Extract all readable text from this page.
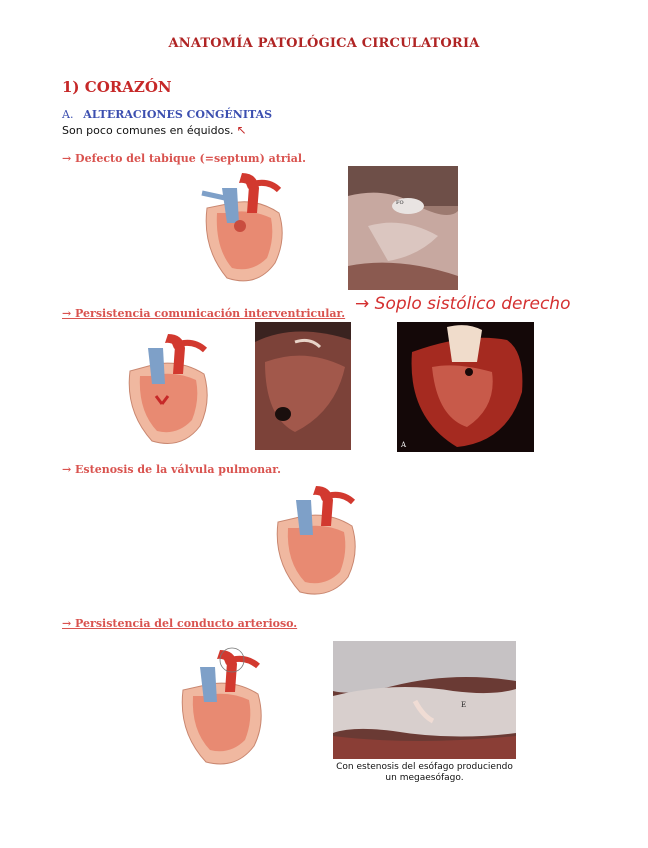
ANATOMÍA PATOLÓGICA CIRCULATORIA
1) CORAZÓN
A. ALTERACIONES CONGÉNITAS
Son poco comunes en équidos. ↖
→ Defecto del tabique (=septum) atrial.
FO
→ Persistencia comunicación interventricular. → Soplo sistólico derecho
A
→ Estenosis de la válvula pulmonar.
→ Persistencia del conducto arterioso.
E
Con estenosis del esófago produciendo
un megaesófago.
